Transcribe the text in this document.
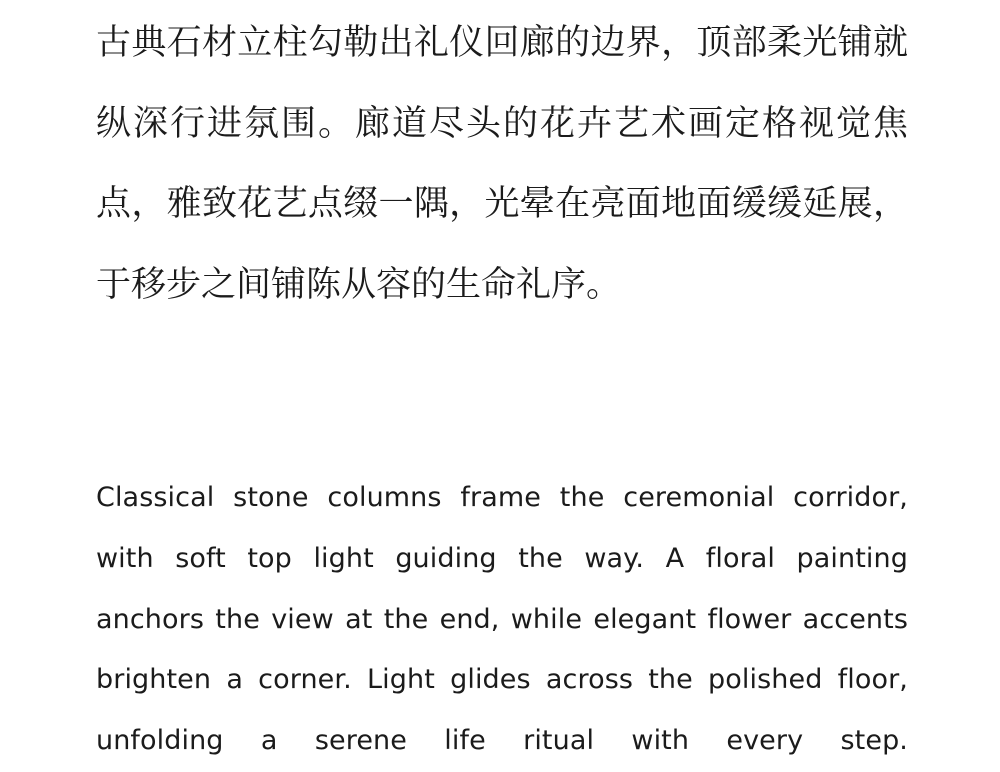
古典石材立柱勾勒出礼仪回廊的边界，顶部柔光铺就纵深行进氛围。廊道尽头的花卉艺术画定格视觉焦点，雅致花艺点缀一隅，光晕在亮面地面缓缓延展，于移步之间铺陈从容的生命礼序。

Classical stone columns frame the ceremonial corridor, with soft top light guiding the way. A floral painting anchors the view at the end, while elegant flower accents brighten a corner. Light glides across the polished floor, unfolding a serene life ritual with every step.
